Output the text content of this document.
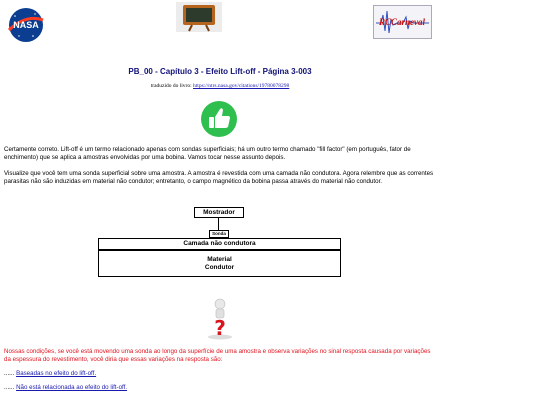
NASA	RCCarneval
PB_00 - Capítulo 3 - Efeito Lift-off - Página 3-003
traduzido do livro: https://ntrs.nasa.gov/citations/19780078298
Certamente correto. Lift-off é um termo relacionado apenas com sondas superficiais; há um outro termo chamado "fill factor" (em português, fator de enchimento) que se aplica a amostras envolvidas por uma bobina. Vamos tocar nesse assunto depois.
Visualize que você tem uma sonda superficial sobre uma amostra. A amostra é revestida com uma camada não condutora. Agora relembre que as correntes parasitas não são induzidas em material não condutor; entretanto, o campo magnético da bobina passa através do material não condutor.
Mostrador
Sonda
Camada não condutora
Material
Condutor
?
Nossas condições, se você está movendo uma sonda ao longo da superfície de uma amostra e observa variações no sinal resposta causada por variações da espessura do revestimento, você diria que essas variações na resposta são:
...... Baseadas no efeito do lift-off.
...... Não está relacionada ao efeito do lift-off.
